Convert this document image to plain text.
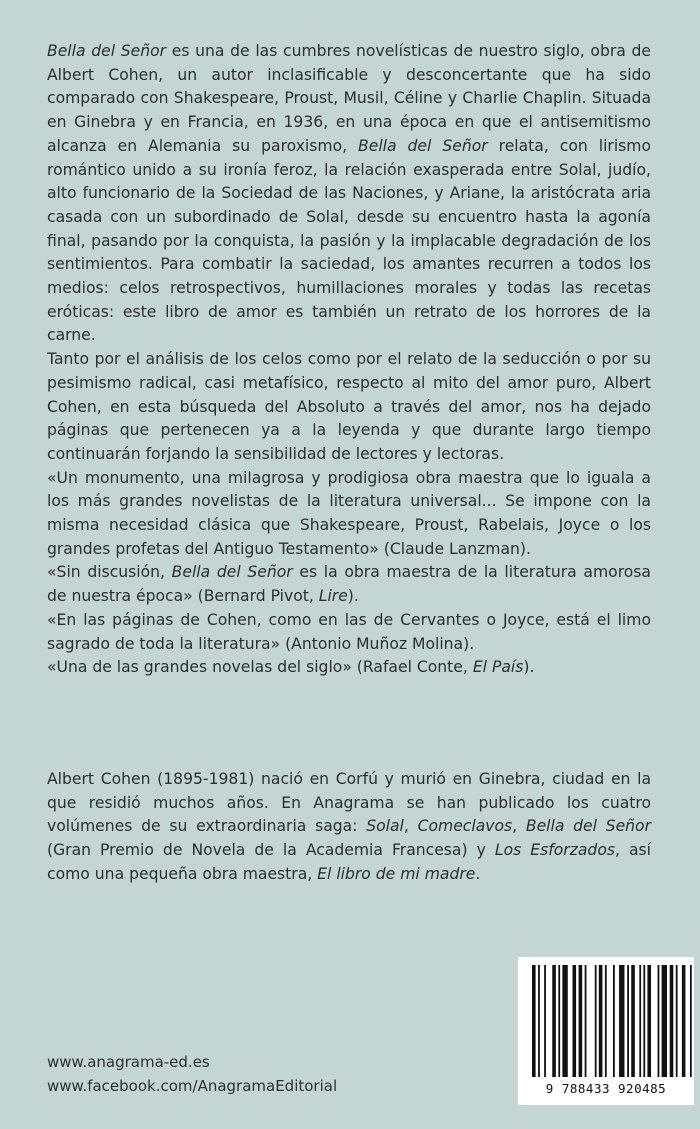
Bella del Señor es una de las cumbres novelísticas de nuestro siglo, obra de Albert Cohen, un autor inclasificable y desconcertante que ha sido comparado con Shakespeare, Proust, Musil, Céline y Charlie Chaplin. Situada en Ginebra y en Francia, en 1936, en una época en que el antisemitismo alcanza en Alemania su paroxismo, Bella del Señor relata, con lirismo romántico unido a su ironía feroz, la relación exasperada entre Solal, judío, alto funcionario de la Sociedad de las Naciones, y Ariane, la aristócrata aria casada con un subordinado de Solal, desde su encuentro hasta la agonía final, pasando por la conquista, la pasión y la implacable degradación de los sentimientos. Para combatir la saciedad, los amantes recurren a todos los medios: celos retrospectivos, humillaciones morales y todas las recetas eróticas: este libro de amor es también un retrato de los horrores de la carne.

Tanto por el análisis de los celos como por el relato de la seducción o por su pesimismo radical, casi metafísico, respecto al mito del amor puro, Albert Cohen, en esta búsqueda del Absoluto a través del amor, nos ha dejado páginas que pertenecen ya a la leyenda y que durante largo tiempo continuarán forjando la sensibilidad de lectores y lectoras.

«Un monumento, una milagrosa y prodigiosa obra maestra que lo iguala a los más grandes novelistas de la literatura universal... Se impone con la misma necesidad clásica que Shakespeare, Proust, Rabelais, Joyce o los grandes profetas del Antiguo Testamento» (Claude Lanzman).

«Sin discusión, Bella del Señor es la obra maestra de la literatura amorosa de nuestra época» (Bernard Pivot, Lire).

«En las páginas de Cohen, como en las de Cervantes o Joyce, está el limo sagrado de toda la literatura» (Antonio Muñoz Molina).

«Una de las grandes novelas del siglo» (Rafael Conte, El País).

Albert Cohen (1895-1981) nació en Corfú y murió en Ginebra, ciudad en la que residió muchos años. En Anagrama se han publicado los cuatro volúmenes de su extraordinaria saga: Solal, Comeclavos, Bella del Señor (Gran Premio de Novela de la Academia Francesa) y Los Esforzados, así como una pequeña obra maestra, El libro de mi madre.

www.anagrama-ed.es
www.facebook.com/AnagramaEditorial	9 788433 920485
